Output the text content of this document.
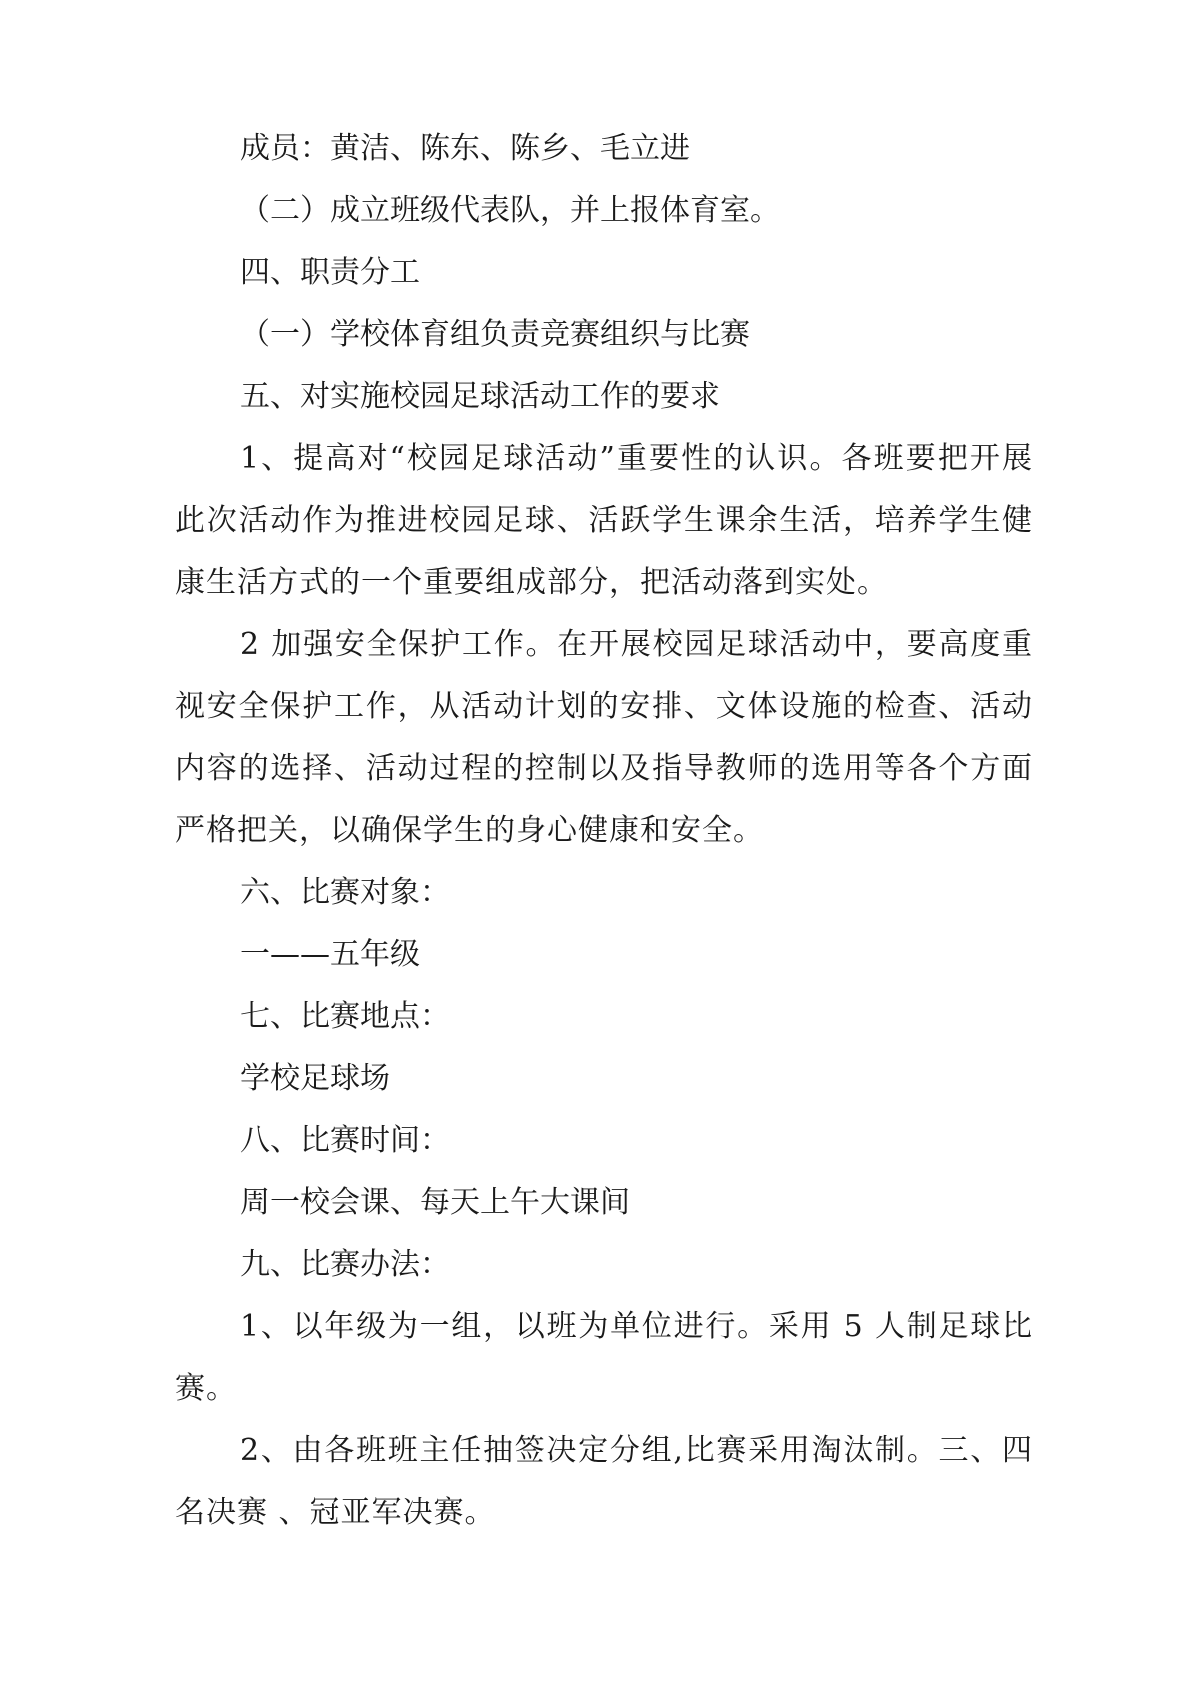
成员：黄洁、陈东、陈乡、毛立进

（二）成立班级代表队，并上报体育室。

四、职责分工

（一）学校体育组负责竞赛组织与比赛

五、对实施校园足球活动工作的要求

1、提高对“校园足球活动”重要性的认识。各班要把开展此次活动作为推进校园足球、活跃学生课余生活，培养学生健康生活方式的一个重要组成部分，把活动落到实处。

2 加强安全保护工作。在开展校园足球活动中，要高度重视安全保护工作，从活动计划的安排、文体设施的检查、活动内容的选择、活动过程的控制以及指导教师的选用等各个方面严格把关，以确保学生的身心健康和安全。

六、比赛对象：

一——五年级

七、比赛地点：

学校足球场

八、比赛时间：

周一校会课、每天上午大课间

九、比赛办法：

1、以年级为一组，以班为单位进行。采用 5 人制足球比赛。

2、由各班班主任抽签决定分组,比赛采用淘汰制。三、四名决赛 、冠亚军决赛。
